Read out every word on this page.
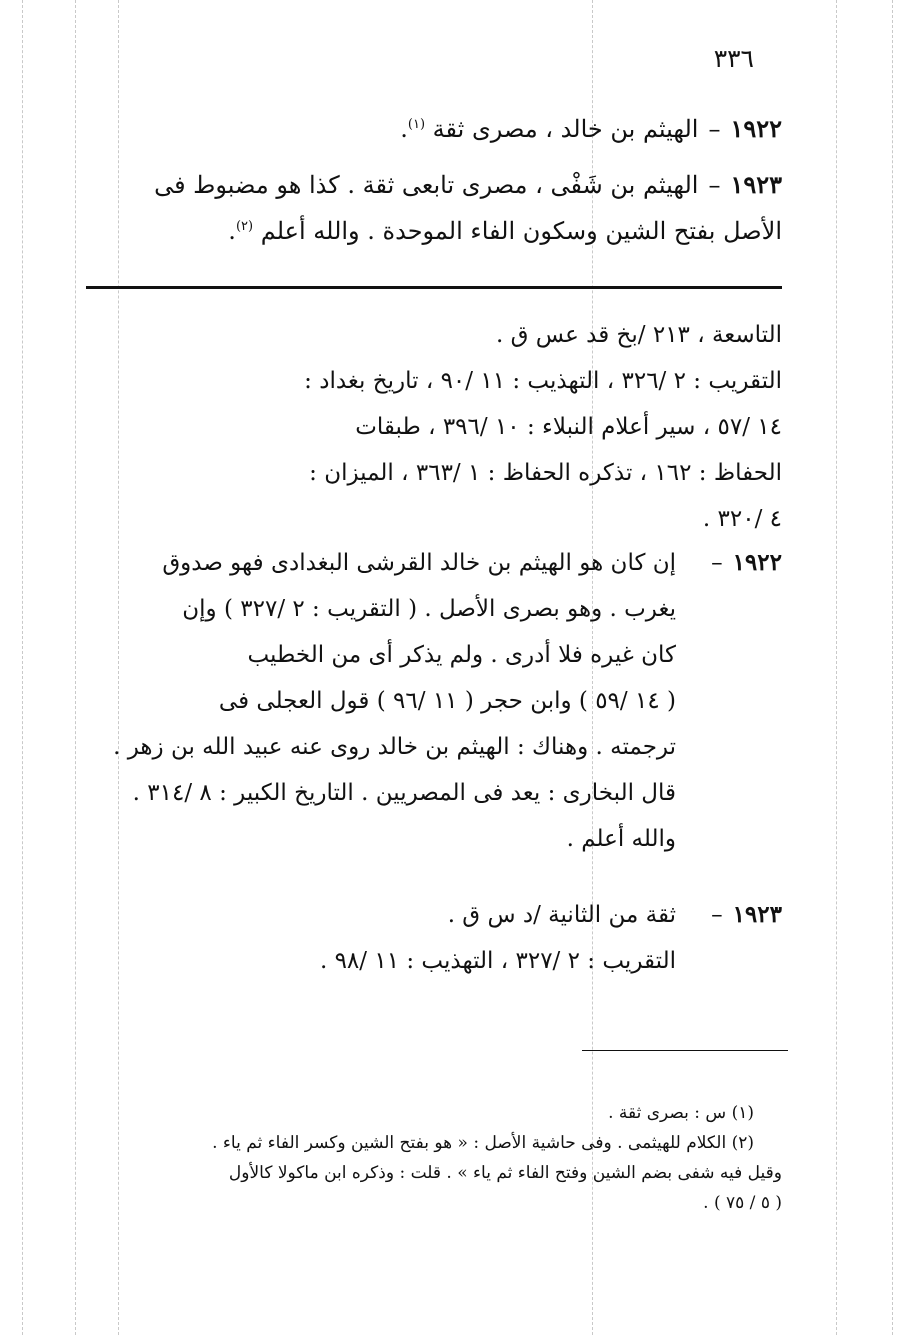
٣٣٦
١٩٢٢–الهيثم بن خالد ، مصرى ثقة $^{(١)}$.
١٩٢٣–الهيثم بن شَفْى ، مصرى تابعى ثقة . كذا هو مضبوط فى
الأصل بفتح الشين وسكون الفاء الموحدة . والله أعلم $^{(٢)}$.
التاسعة ، ٢١٣ /بخ قد عس ق .
التقريب : ٢ /٣٢٦ ، التهذيب : ١١ /٩٠ ، تاريخ بغداد :
١٤ /٥٧ ، سير أعلام النبلاء : ١٠ /٣٩٦ ، طبقات
الحفاظ : ١٦٢ ، تذكره الحفاظ : ١ /٣٦٣ ، الميزان :
٤ /٣٢٠ .
١٩٢٢–
إن كان هو الهيثم بن خالد القرشى البغدادى فهو صدوق
يغرب . وهو بصرى الأصل . ( التقريب : ٢ /٣٢٧ ) وإن
كان غيره فلا أدرى . ولم يذكر أى من الخطيب
( ١٤ /٥٩ ) وابن حجر ( ١١ /٩٦ ) قول العجلى فى
ترجمته . وهناك : الهيثم بن خالد روى عنه عبيد الله بن زهر .
قال البخارى : يعد فى المصريين . التاريخ الكبير : ٨ /٣١٤ .
والله أعلم .
١٩٢٣–
ثقة من الثانية /د س ق .
التقريب : ٢ /٣٢٧ ، التهذيب : ١١ /٩٨ .

(١) س : بصرى ثقة .

(٢) الكلام للهيثمى . وفى حاشية الأصل : « هو بفتح الشين وكسر الفاء ثم ياء .

وقيل فيه شفى بضم الشين وفتح الفاء ثم ياء » . قلت : وذكره ابن ماكولا كالأول

( ٥ / ٧٥ ) .
